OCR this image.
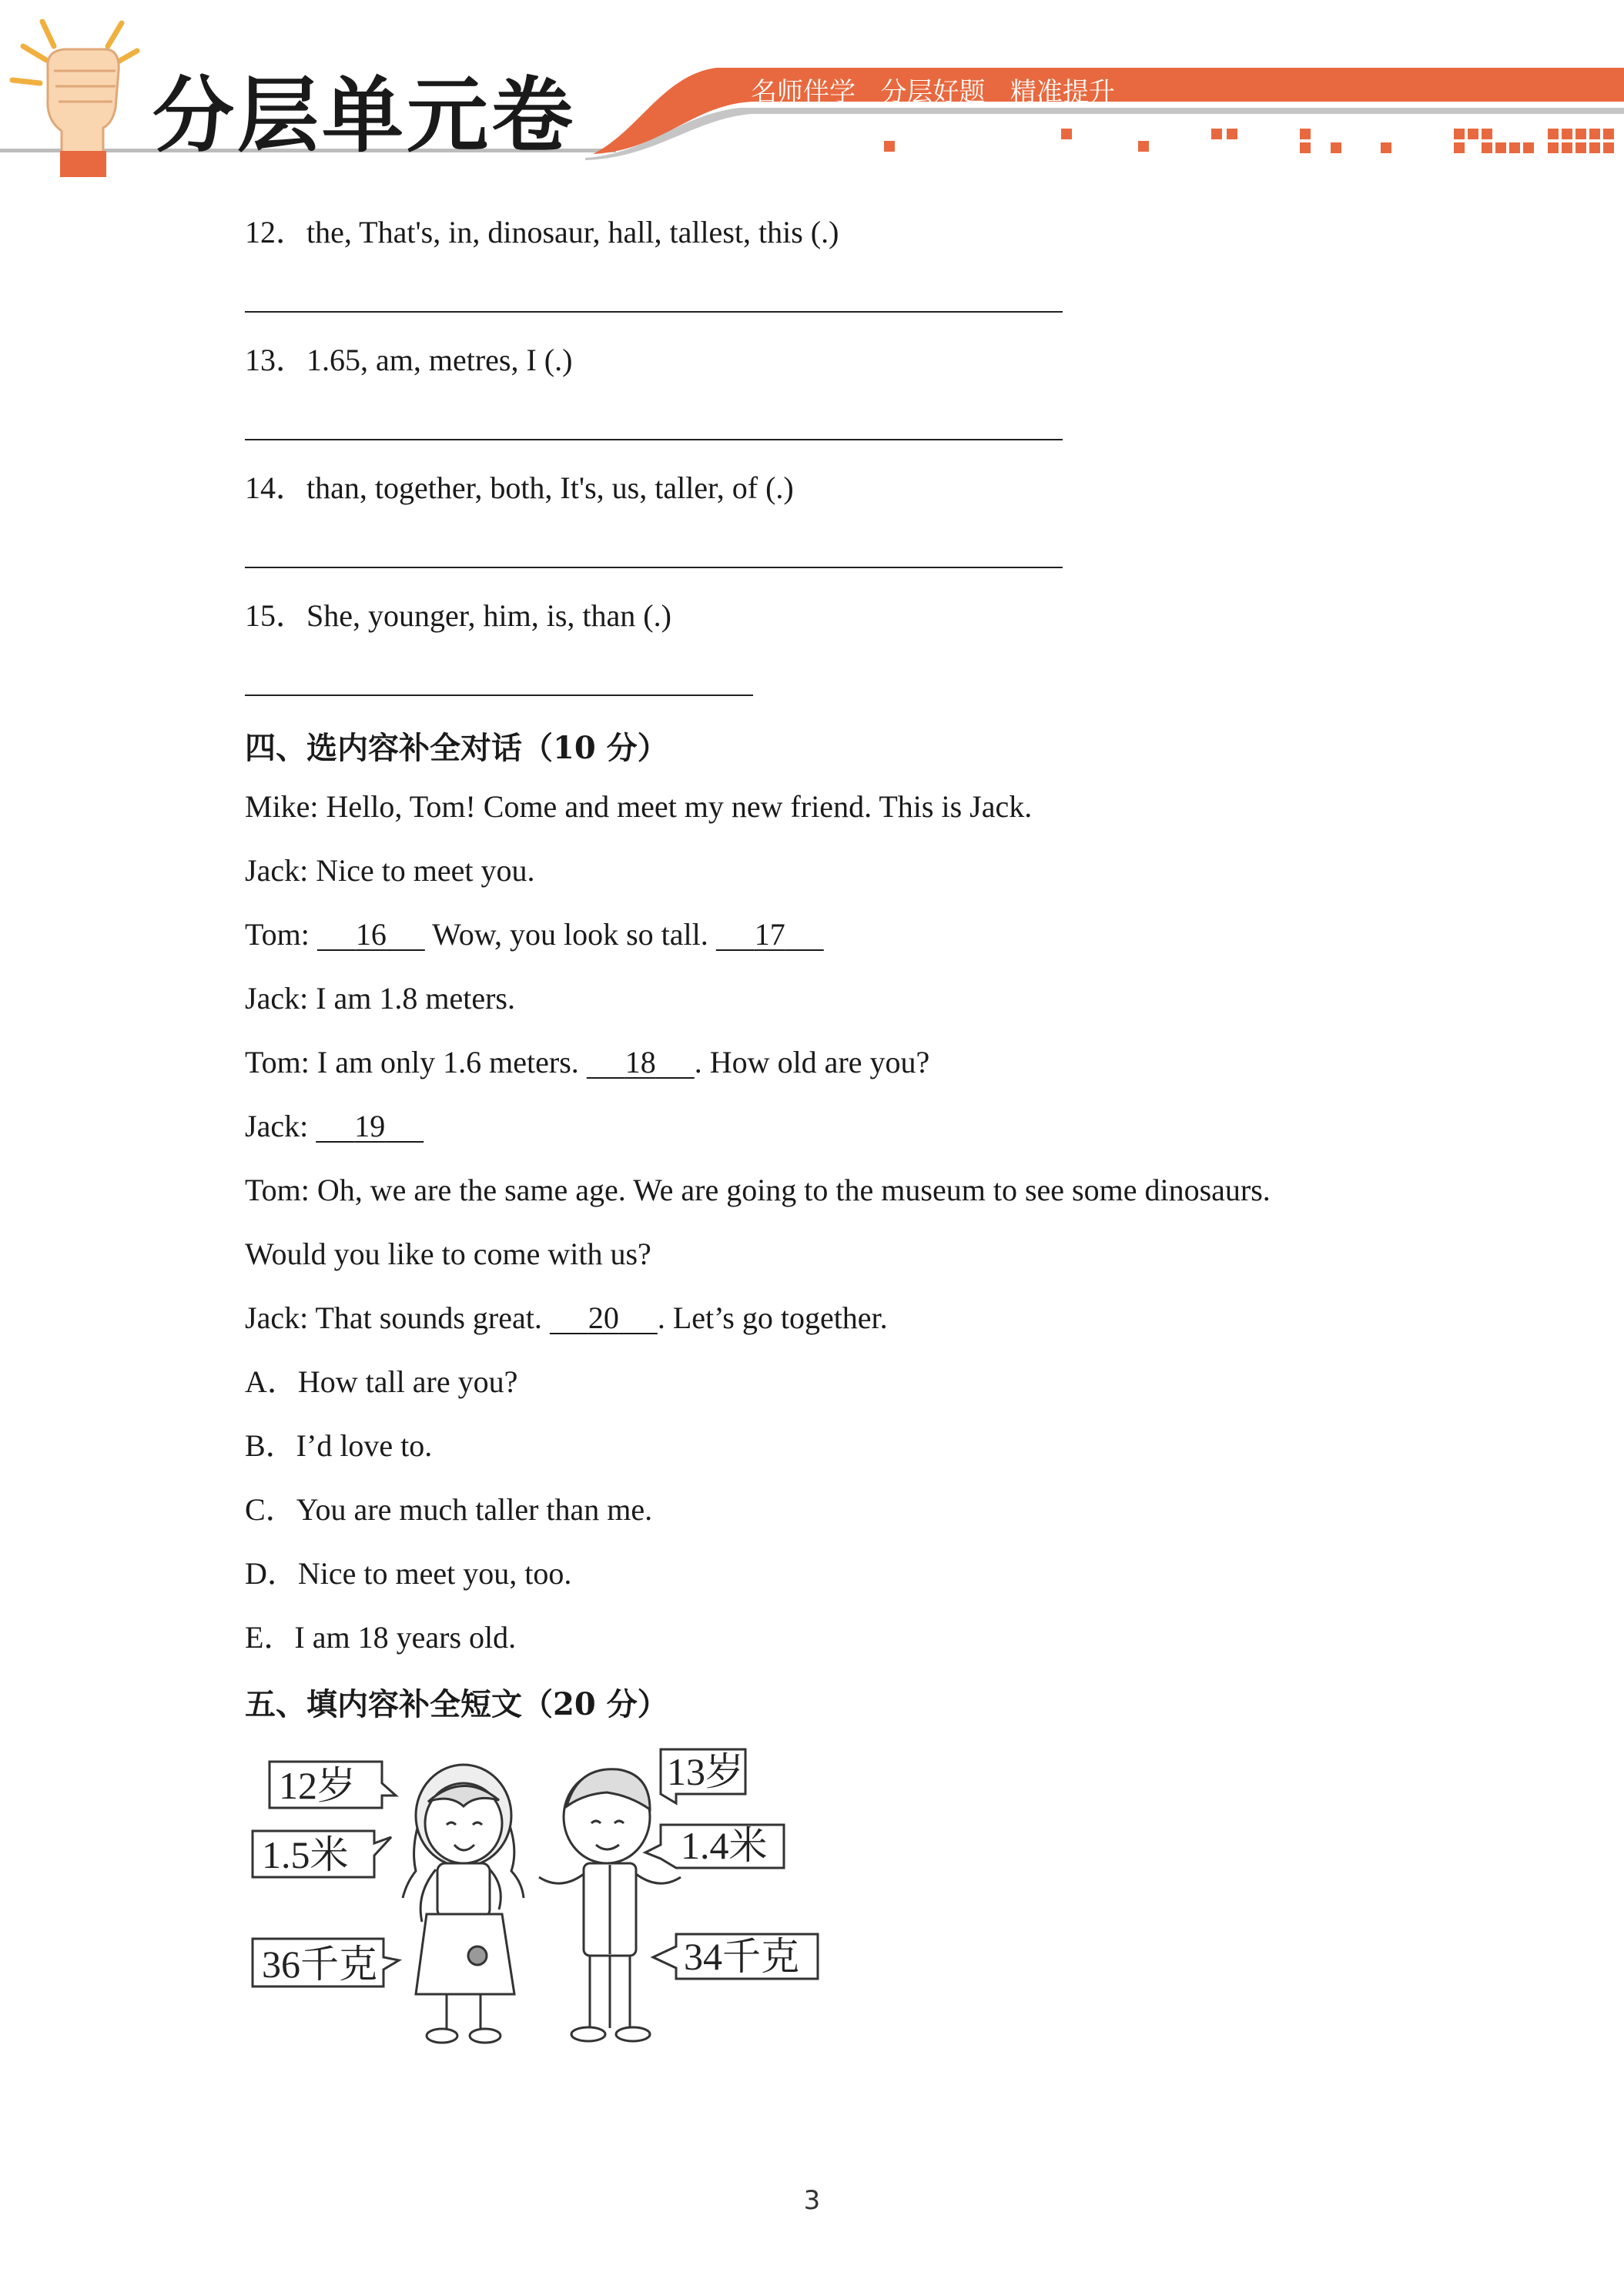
分层单元卷	名师伴学   分层好题   精准提升
12．the, That's, in, dinosaur, hall, tallest, this (.)
13．1.65, am, metres, I (.)
14．than, together, both, It's, us, taller, of (.)
15．She, younger, him, is, than (.)
四、选内容补全对话（10 分）
Mike: Hello, Tom! Come and meet my new friend. This is Jack.
Jack: Nice to meet you.
Tom:      16      Wow, you look so tall.      17
Jack: I am 1.8 meters.
Tom: I am only 1.6 meters.      18 . How old are you?
Jack:      19
Tom: Oh, we are the same age. We are going to the museum to see some dinosaurs.
Would you like to come with us?
Jack: That sounds great.      20 . Let’s go together.
A．How tall are you?
B．I’d love to.
C．You are much taller than me.
D．Nice to meet you, too.
E．I am 18 years old.
五、填内容补全短文（20 分）
12岁
1.5米
36千克
13岁
1.4米
34千克
3
